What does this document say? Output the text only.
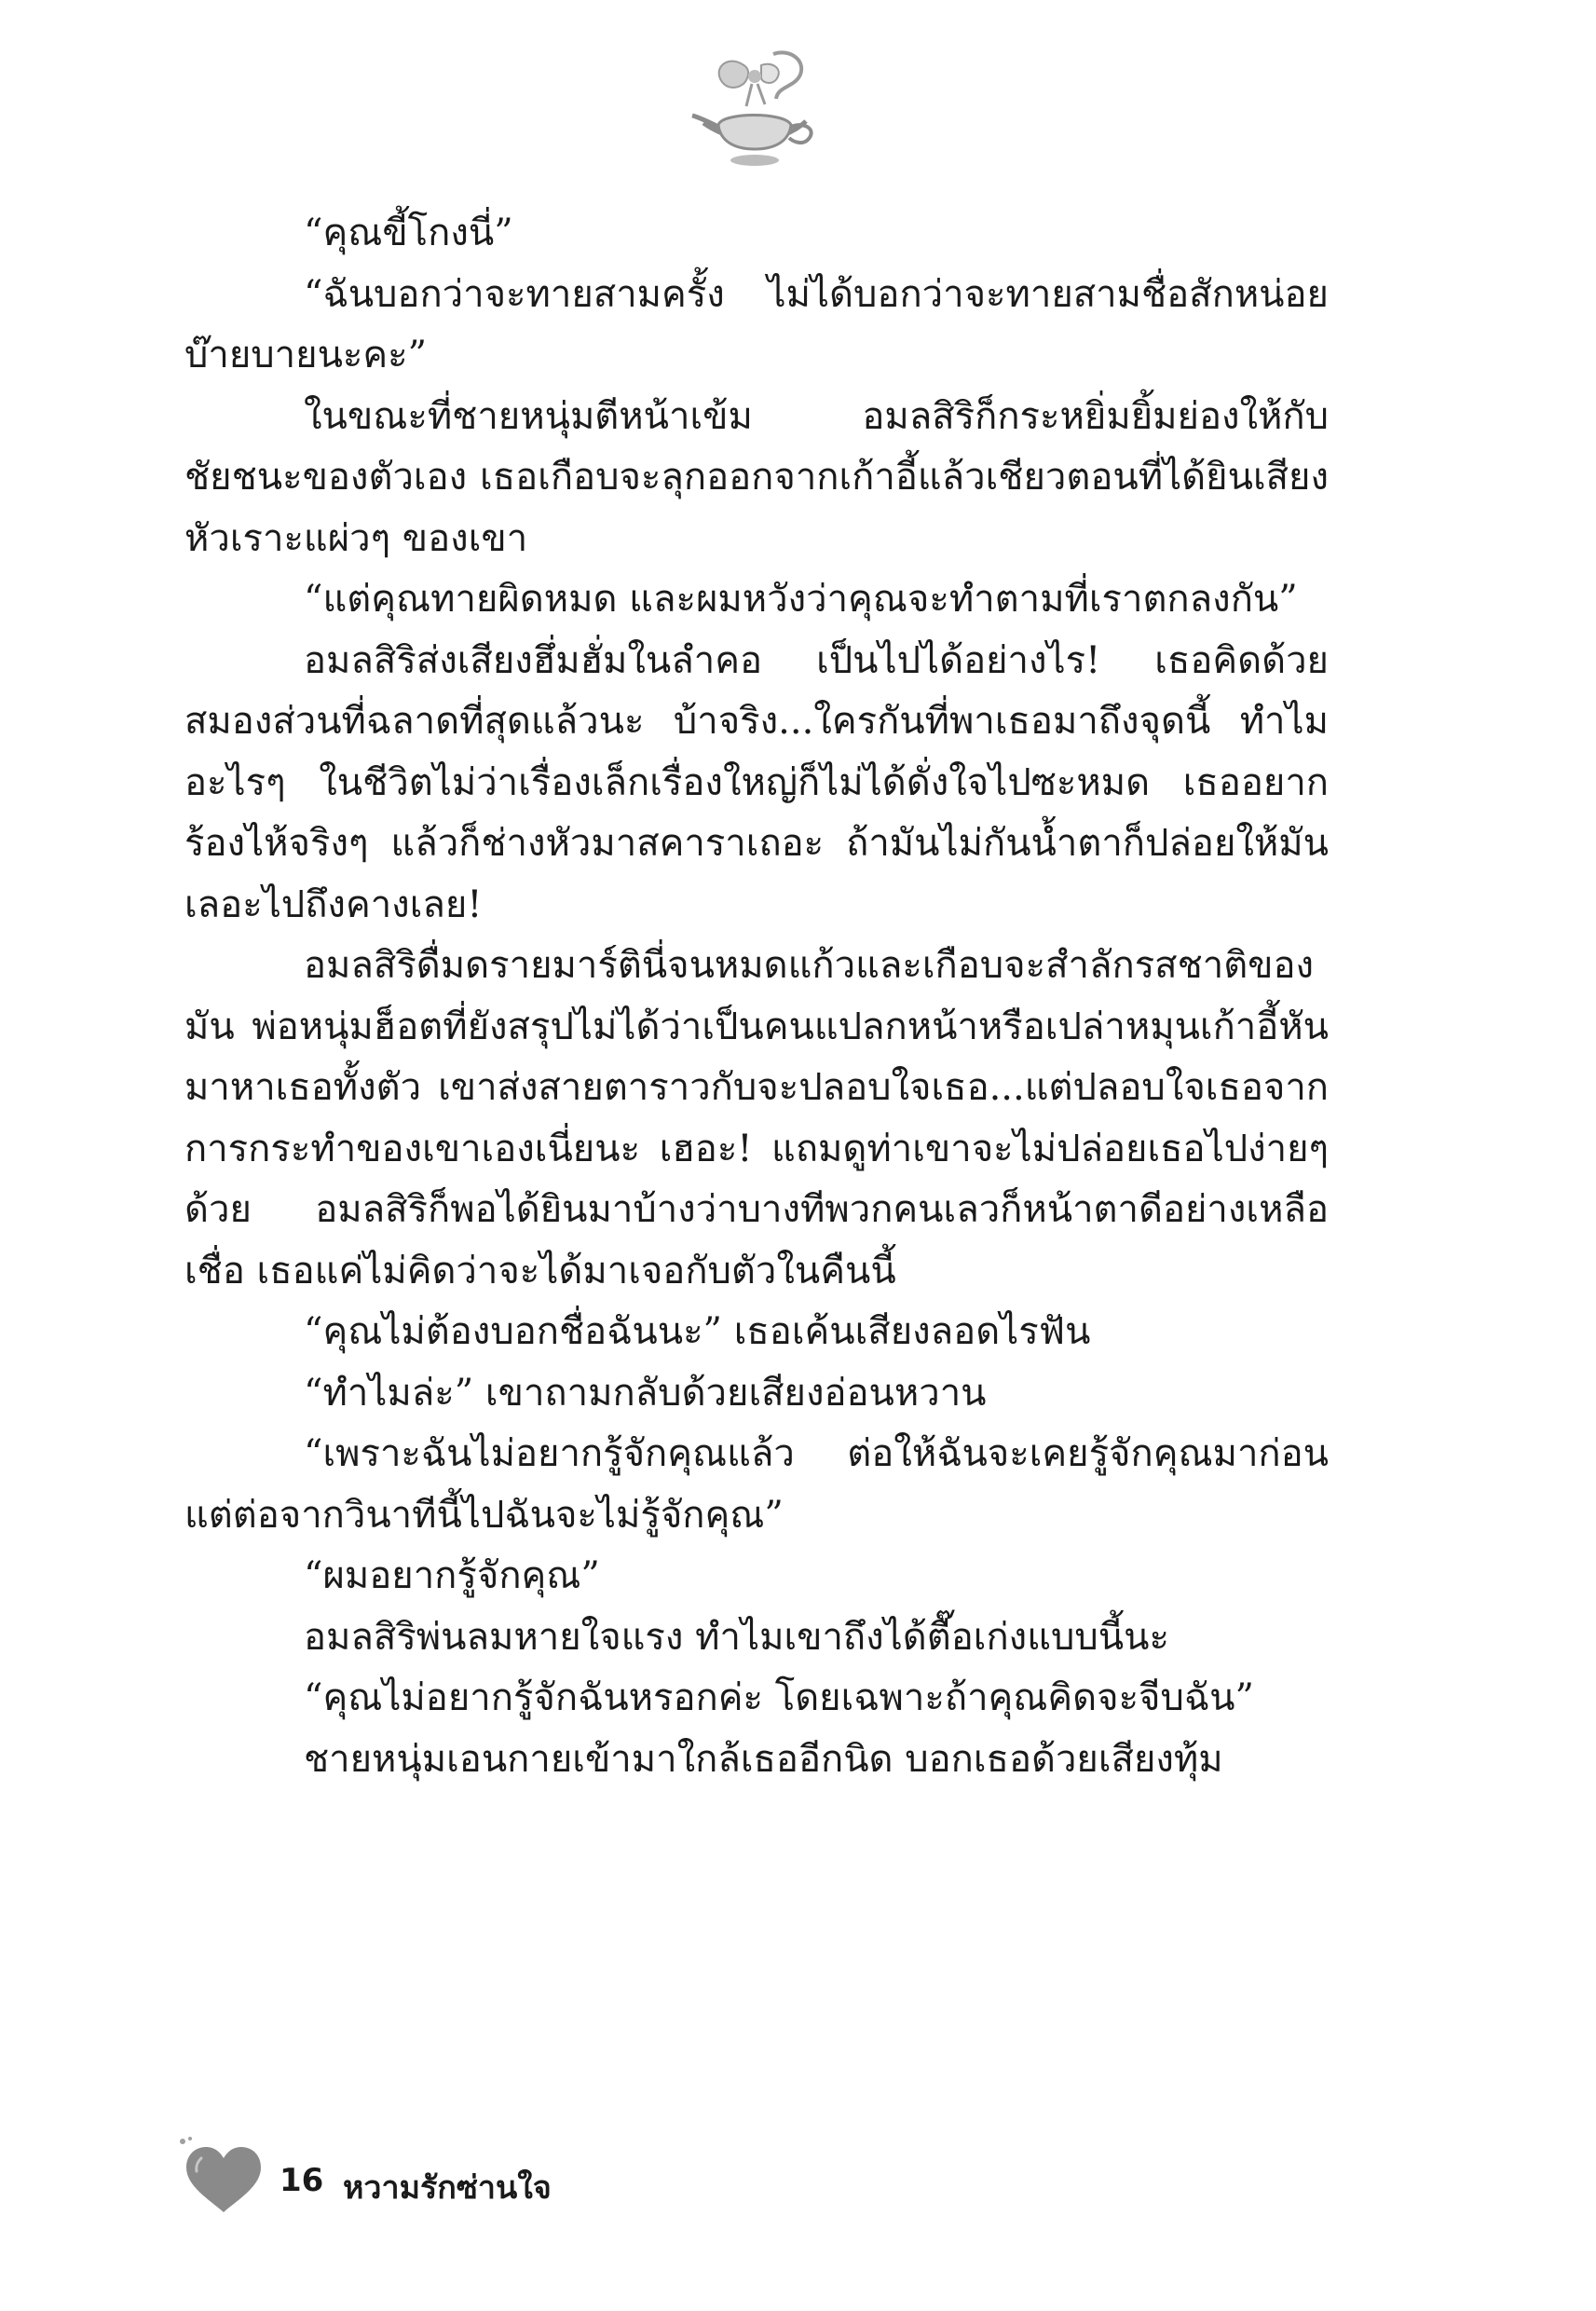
“คุณขี้โกงนี่”

“ฉันบอกว่าจะทายสามครั้ง ไม่ได้บอกว่าจะทายสามชื่อสักหน่อย บ๊ายบายนะคะ”

ในขณะที่ชายหนุ่มตีหน้าเข้ม อมลสิริก็กระหยิ่มยิ้มย่องให้กับชัยชนะของตัวเอง เธอเกือบจะลุกออกจากเก้าอี้แล้วเชียวตอนที่ได้ยินเสียงหัวเราะแผ่วๆ ของเขา

“แต่คุณทายผิดหมด และผมหวังว่าคุณจะทำตามที่เราตกลงกัน”

อมลสิริส่งเสียงฮึ่มฮั่มในลำคอ เป็นไปได้อย่างไร! เธอคิดด้วยสมองส่วนที่ฉลาดที่สุดแล้วนะ บ้าจริง...ใครกันที่พาเธอมาถึงจุดนี้ ทำไมอะไรๆ ในชีวิตไม่ว่าเรื่องเล็กเรื่องใหญ่ก็ไม่ได้ดั่งใจไปซะหมด เธออยากร้องไห้จริงๆ แล้วก็ช่างหัวมาสคาราเถอะ ถ้ามันไม่กันน้ำตาก็ปล่อยให้มันเลอะไปถึงคางเลย!

อมลสิริดื่มดรายมาร์ตินี่จนหมดแก้วและเกือบจะสำลักรสชาติของมัน พ่อหนุ่มฮ็อตที่ยังสรุปไม่ได้ว่าเป็นคนแปลกหน้าหรือเปล่าหมุนเก้าอี้หันมาหาเธอทั้งตัว เขาส่งสายตาราวกับจะปลอบใจเธอ...แต่ปลอบใจเธอจากการกระทำของเขาเองเนี่ยนะ เฮอะ! แถมดูท่าเขาจะไม่ปล่อยเธอไปง่ายๆ ด้วย อมลสิริก็พอได้ยินมาบ้างว่าบางทีพวกคนเลวก็หน้าตาดีอย่างเหลือเชื่อ เธอแค่ไม่คิดว่าจะได้มาเจอกับตัวในคืนนี้

“คุณไม่ต้องบอกชื่อฉันนะ” เธอเค้นเสียงลอดไรฟัน

“ทำไมล่ะ” เขาถามกลับด้วยเสียงอ่อนหวาน

“เพราะฉันไม่อยากรู้จักคุณแล้ว ต่อให้ฉันจะเคยรู้จักคุณมาก่อน แต่ต่อจากวินาทีนี้ไปฉันจะไม่รู้จักคุณ”

“ผมอยากรู้จักคุณ”

อมลสิริพ่นลมหายใจแรง ทำไมเขาถึงได้ตื๊อเก่งแบบนี้นะ

“คุณไม่อยากรู้จักฉันหรอกค่ะ โดยเฉพาะถ้าคุณคิดจะจีบฉัน”

ชายหนุ่มเอนกายเข้ามาใกล้เธออีกนิด บอกเธอด้วยเสียงทุ้ม

16 หวามรักซ่านใจ
